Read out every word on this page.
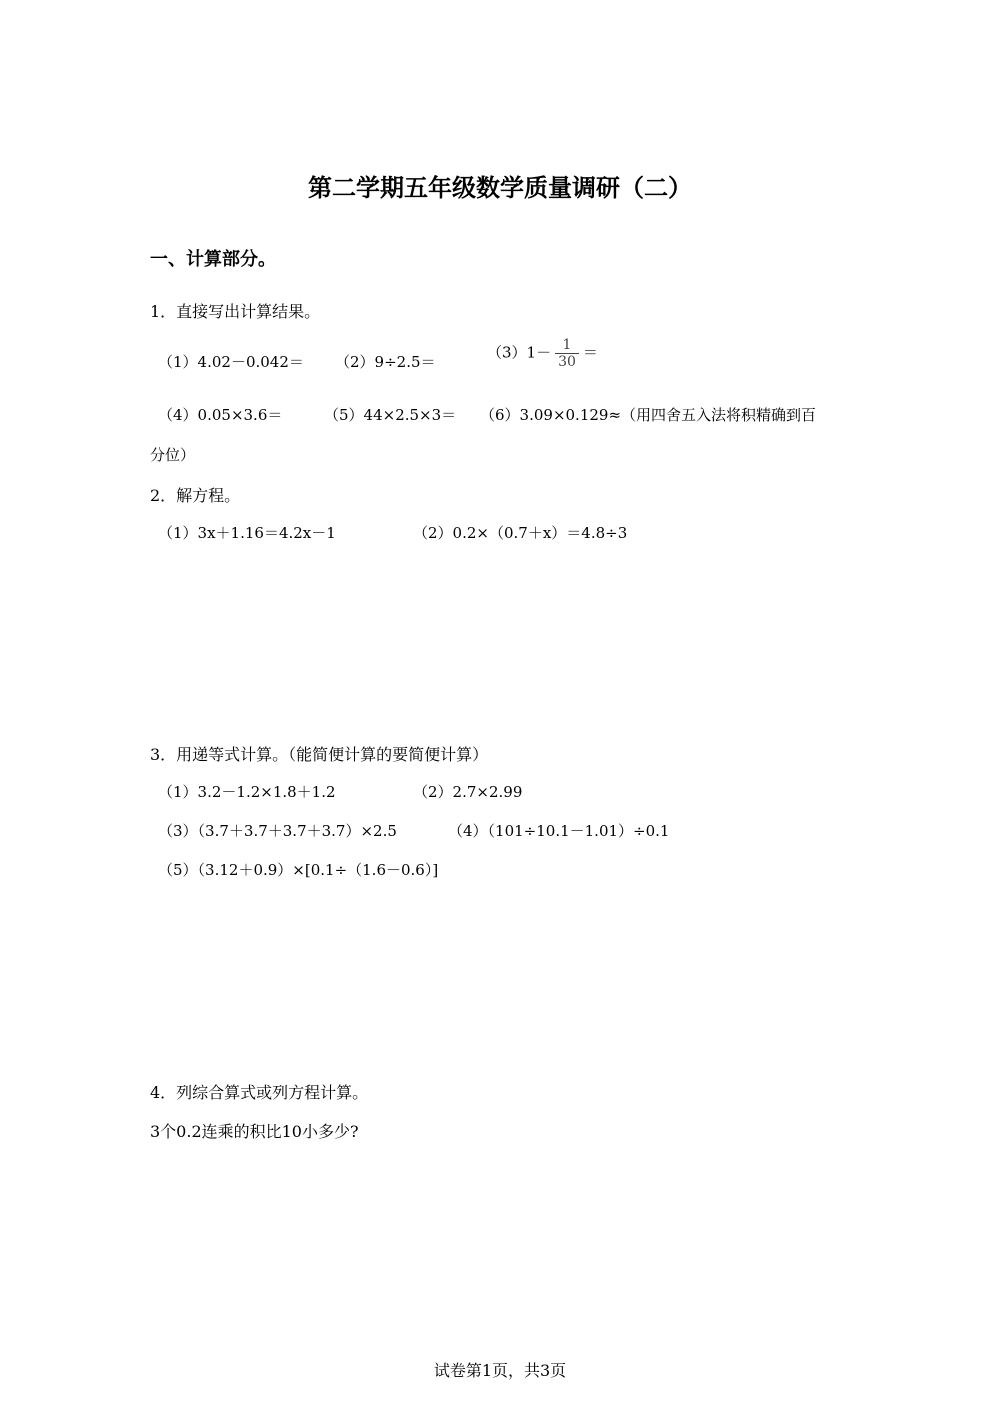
第二学期五年级数学质量调研（二）
一、计算部分。
1．直接写出计算结果。
（1）4.02－0.042＝ （2）9÷2.5＝
$(3)1- \frac{1}{30}$ ＝
（4）0.05×3.6＝	（5）44×2.5×3＝ （6）3.09×0.129≈（用四舍五入法将积精确到百
分位）
2．解方程。
（1）3x＋1.16＝4.2x－1	（2）0.2×（0.7＋x）＝4.8÷3
3．用递等式计算。（能简便计算的要简便计算）
（1）3.2－1.2×1.8＋1.2	（2）2.7×2.99
（3）（3.7＋3.7＋3.7＋3.7）×2.5	（4）（101÷10.1－1.01）÷0.1
（5）（3.12＋0.9）×[0.1÷（1.6－0.6）]
4．列综合算式或列方程计算。
3个0.2连乘的积比10小多少?
试卷第1页，共3页
